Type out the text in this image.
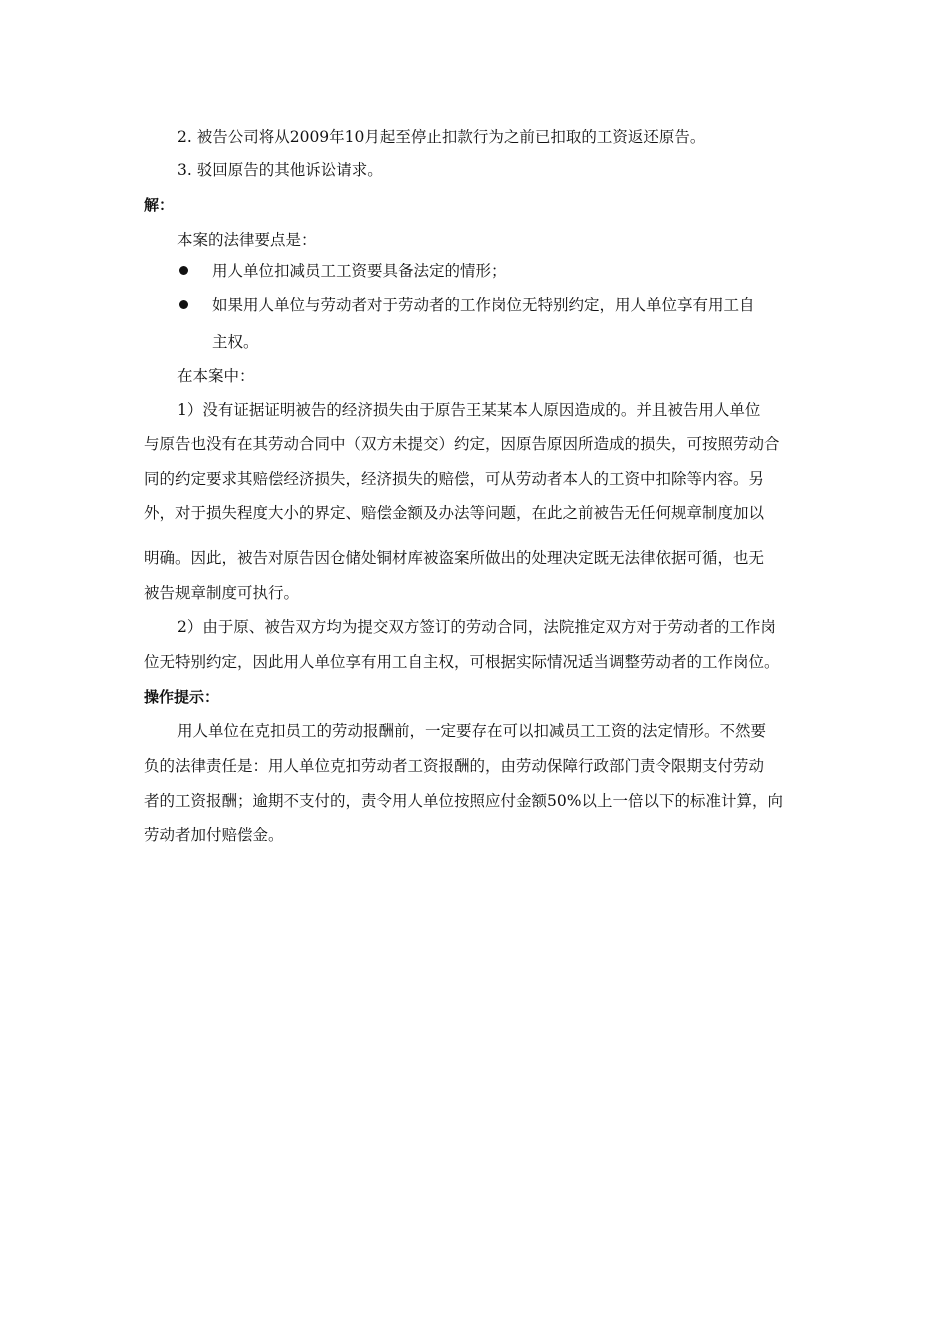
2. 被告公司将从2009年10月起至停止扣款行为之前已扣取的工资返还原告。
3. 驳回原告的其他诉讼请求。
解：
本案的法律要点是：
用人单位扣减员工工资要具备法定的情形；
如果用人单位与劳动者对于劳动者的工作岗位无特别约定，用人单位享有用工自
主权。
在本案中：
1）没有证据证明被告的经济损失由于原告王某某本人原因造成的。并且被告用人单位
与原告也没有在其劳动合同中（双方未提交）约定，因原告原因所造成的损失，可按照劳动合
同的约定要求其赔偿经济损失，经济损失的赔偿，可从劳动者本人的工资中扣除等内容。另
外，对于损失程度大小的界定、赔偿金额及办法等问题，在此之前被告无任何规章制度加以
明确。因此，被告对原告因仓储处铜材库被盗案所做出的处理决定既无法律依据可循，也无
被告规章制度可执行。
2）由于原、被告双方均为提交双方签订的劳动合同，法院推定双方对于劳动者的工作岗
位无特别约定，因此用人单位享有用工自主权，可根据实际情况适当调整劳动者的工作岗位。
操作提示：
用人单位在克扣员工的劳动报酬前，一定要存在可以扣减员工工资的法定情形。不然要
负的法律责任是：用人单位克扣劳动者工资报酬的，由劳动保障行政部门责令限期支付劳动
者的工资报酬；逾期不支付的，责令用人单位按照应付金额50%以上一倍以下的标准计算，向
劳动者加付赔偿金。
